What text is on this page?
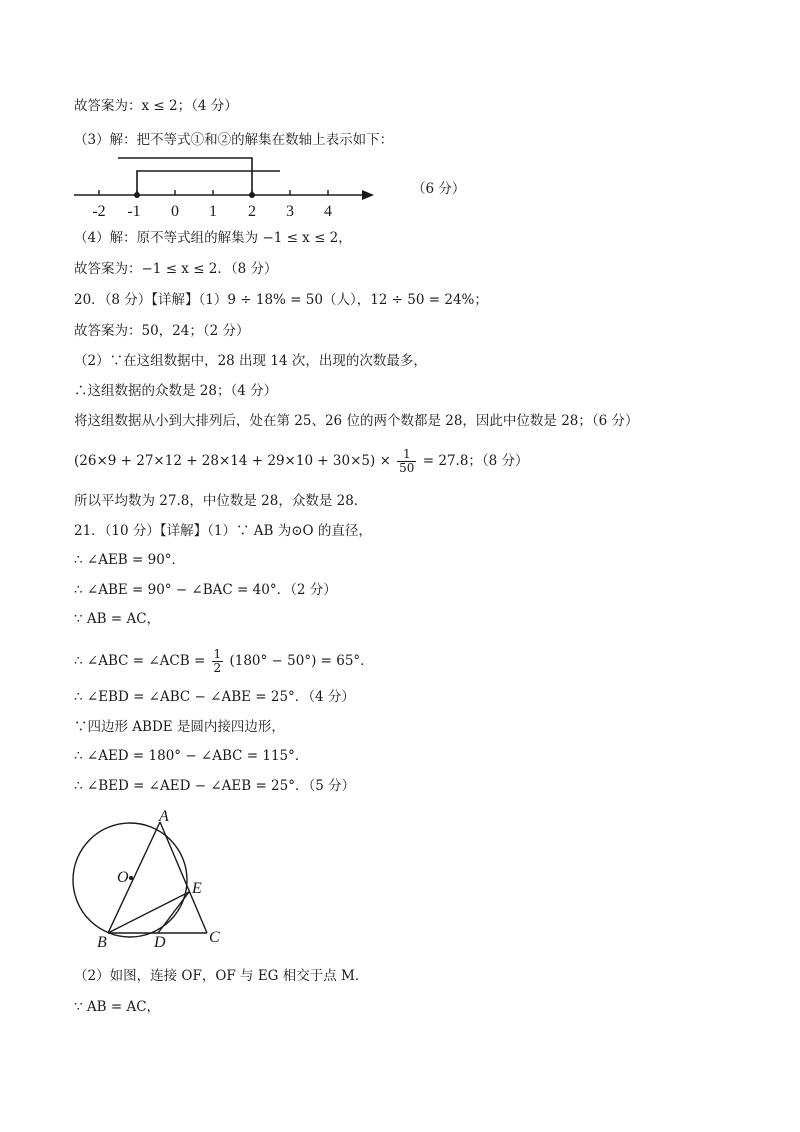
故答案为：x ≤ 2；（4 分）
（3）解：把不等式①和②的解集在数轴上表示如下：
-2 -1 0 1 2 3 4
（6 分）
（4）解：原不等式组的解集为 −1 ≤ x ≤ 2，
故答案为：−1 ≤ x ≤ 2．（8 分）
20．（8 分）【详解】（1）9 ÷ 18% = 50（人），12 ÷ 50 = 24%；
故答案为：50，24；（2 分）
（2）∵在这组数据中，28 出现 14 次，出现的次数最多，
∴这组数据的众数是 28；（4 分）
将这组数据从小到大排列后，处在第 25、26 位的两个数都是 28，因此中位数是 28；（6 分）
$(26\times 9 + 27\times 12 + 28\times 14 + 29\times 10 + 30\times 5) \times \frac{1}{50} = 27.8$；（8 分）
所以平均数为 27.8，中位数是 28，众数是 28．
21．（10 分）【详解】（1）∵ AB 为⊙O 的直径，
∴ ∠AEB = 90°．
∴ ∠ABE = 90° − ∠BAC = 40°．（2 分）
∵ AB = AC，
∴ ∠ABC = ∠ACB = $\frac{1}{2} (180^\circ - 50^\circ) = 65^\circ$．
∴ ∠EBD = ∠ABC − ∠ABE = 25°．（4 分）
∵四边形 ABDE 是圆内接四边形，
∴ ∠AED = 180° − ∠ABC = 115°．
∴ ∠BED = ∠AED − ∠AEB = 25°．（5 分）
A
O
E
B	D	C
（2）如图，连接 OF，OF 与 EG 相交于点 M．
∵ AB = AC，
